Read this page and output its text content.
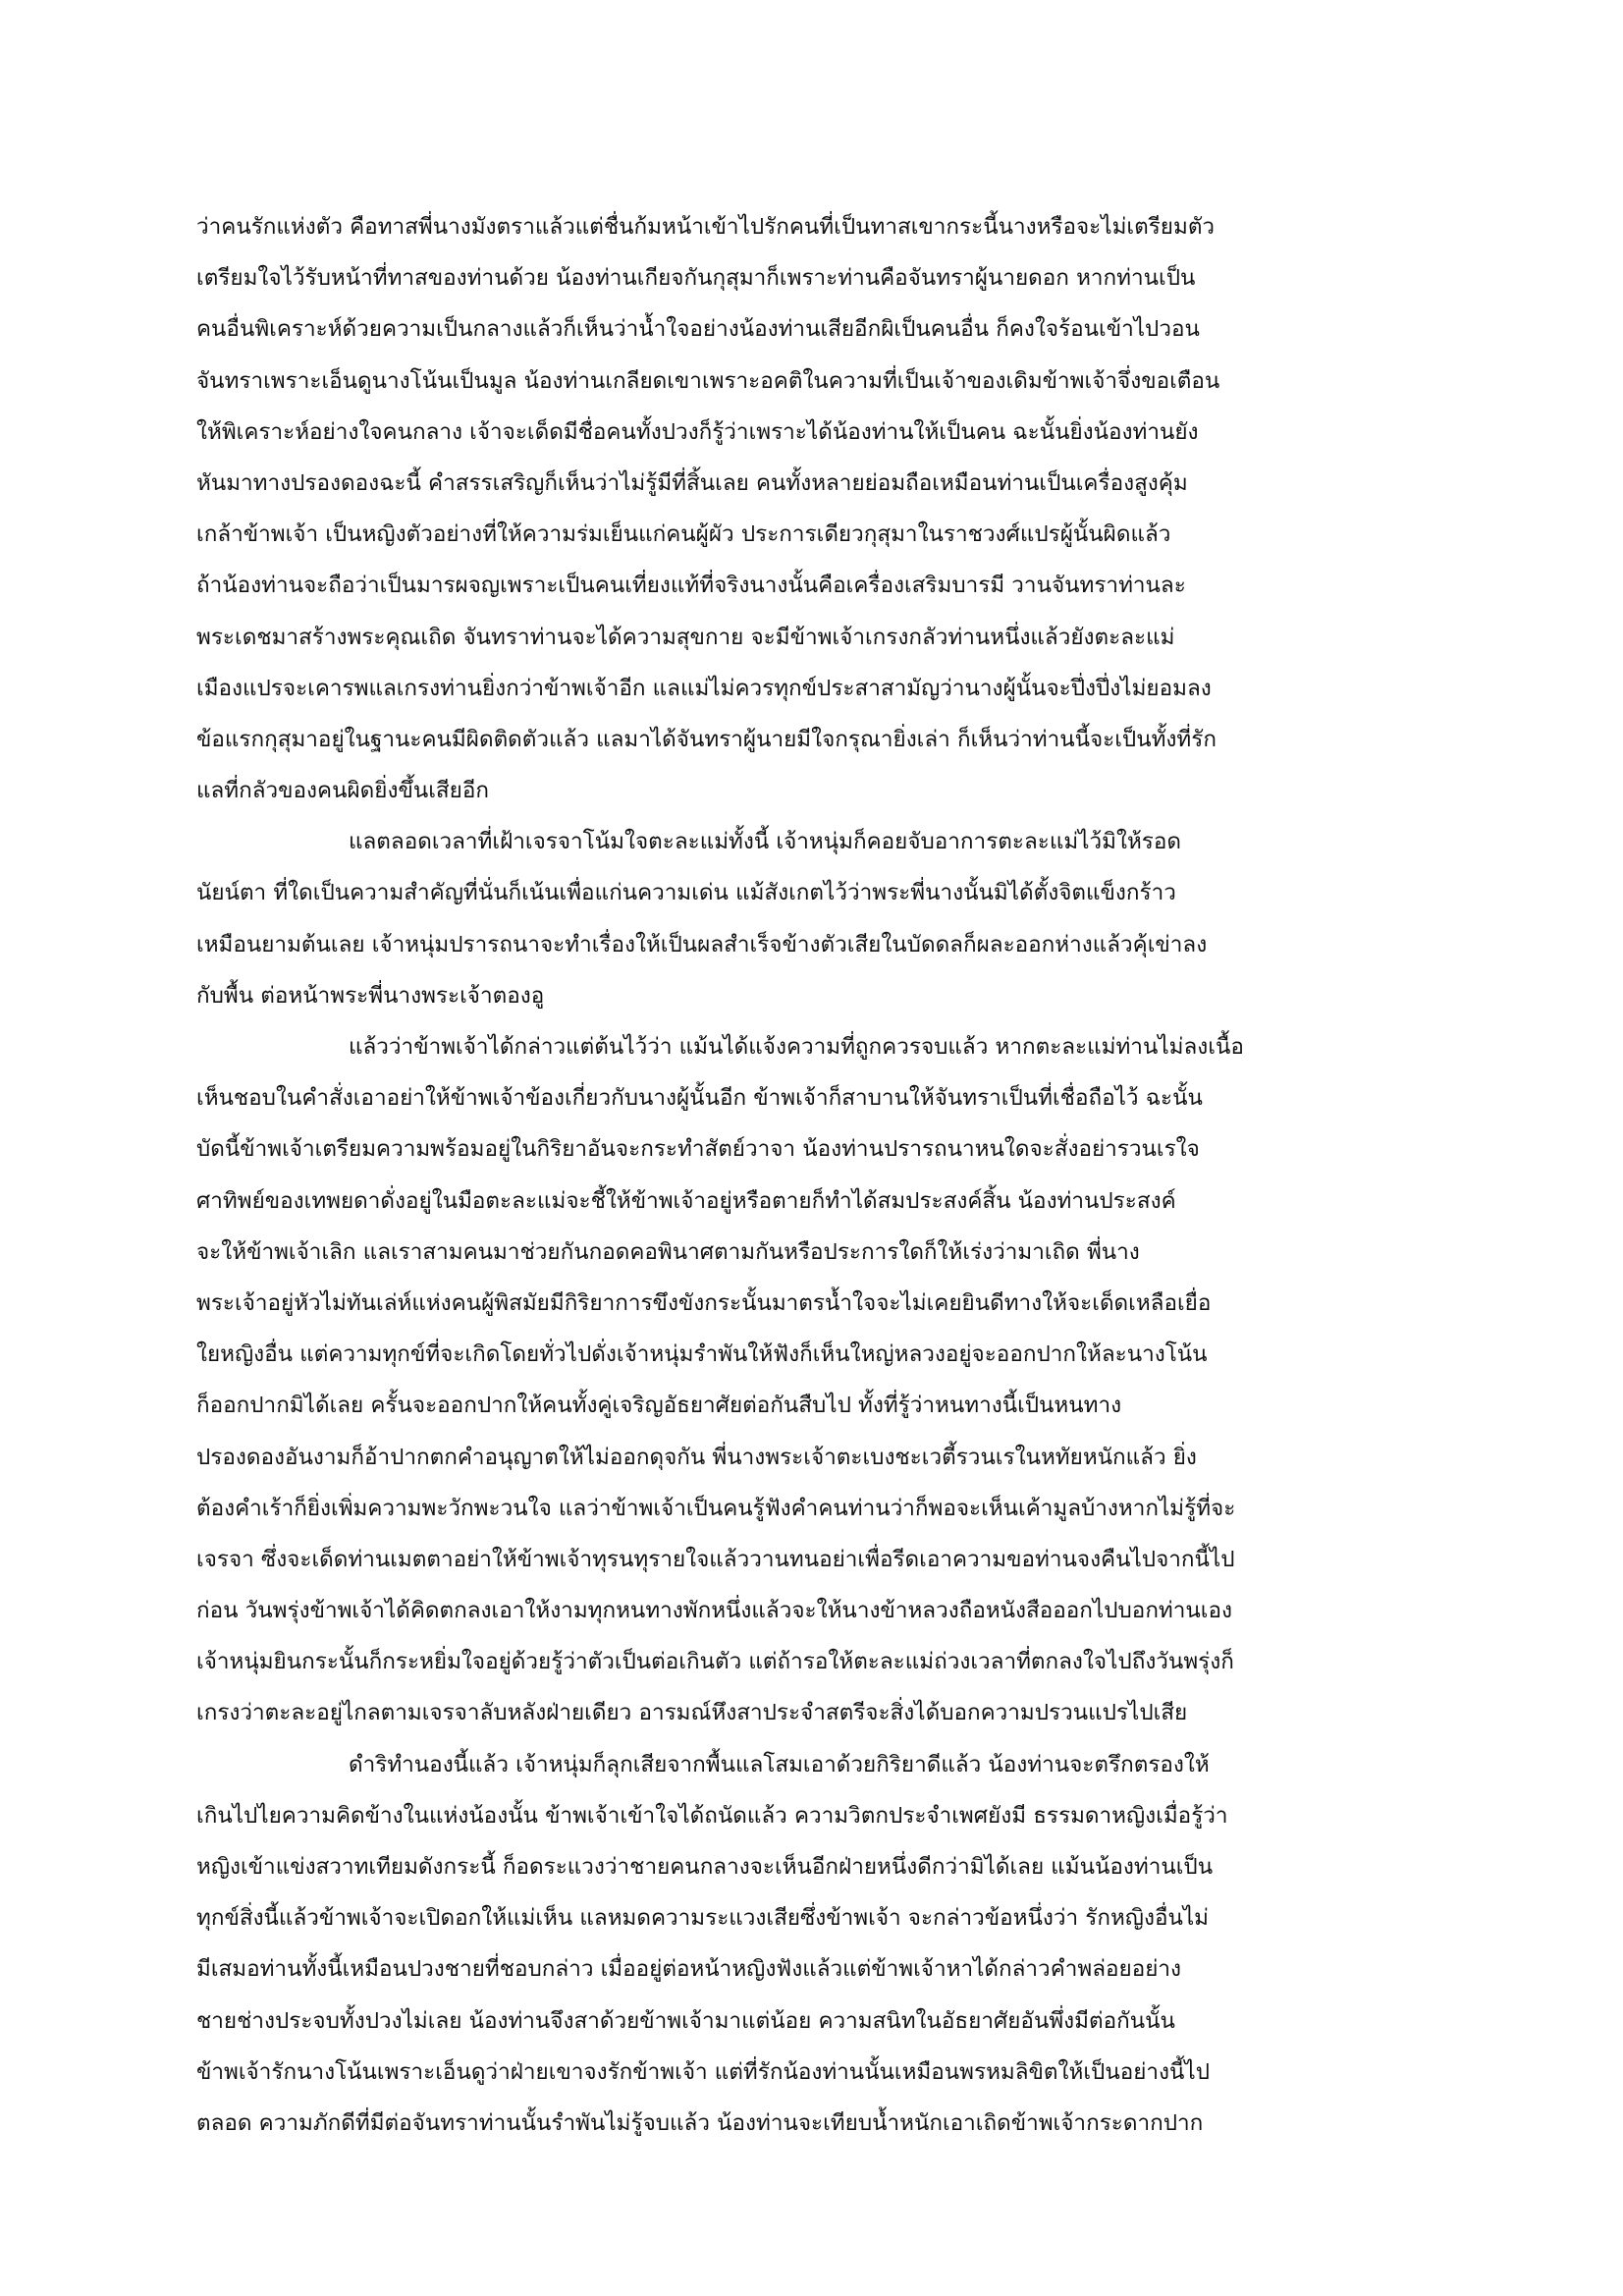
ว่าคนรักแห่งตัว คือทาสพี่นางมังตราแล้วแต่ชื่นก้มหน้าเข้าไปรักคนที่เป็นทาสเขากระนี้นางหรือจะไม่เตรียมตัว
เตรียมใจไว้รับหน้าที่ทาสของท่านด้วย น้องท่านเกียจกันกุสุมาก็เพราะท่านคือจันทราผู้นายดอก หากท่านเป็น
คนอื่นพิเคราะห์ด้วยความเป็นกลางแล้วก็เห็นว่าน้ำใจอย่างน้องท่านเสียอีกผิเป็นคนอื่น ก็คงใจร้อนเข้าไปวอน
จันทราเพราะเอ็นดูนางโน้นเป็นมูล น้องท่านเกลียดเขาเพราะอคติในความที่เป็นเจ้าของเดิมข้าพเจ้าจึ่งขอเตือน
ให้พิเคราะห์อย่างใจคนกลาง เจ้าจะเด็ดมีชื่อคนทั้งปวงก็รู้ว่าเพราะได้น้องท่านให้เป็นคน ฉะนั้นยิ่งน้องท่านยัง
หันมาทางปรองดองฉะนี้ คำสรรเสริญก็เห็นว่าไม่รู้มีที่สิ้นเลย คนทั้งหลายย่อมถือเหมือนท่านเป็นเครื่องสูงคุ้ม
เกล้าข้าพเจ้า เป็นหญิงตัวอย่างที่ให้ความร่มเย็นแก่คนผู้ผัว ประการเดียวกุสุมาในราชวงศ์แปรผู้นั้นผิดแล้ว
ถ้าน้องท่านจะถือว่าเป็นมารผจญเพราะเป็นคนเที่ยงแท้ที่จริงนางนั้นคือเครื่องเสริมบารมี วานจันทราท่านละ
พระเดชมาสร้างพระคุณเถิด จันทราท่านจะได้ความสุขกาย จะมีข้าพเจ้าเกรงกลัวท่านหนึ่งแล้วยังตะละแม่
เมืองแปรจะเคารพแลเกรงท่านยิ่งกว่าข้าพเจ้าอีก แลแม่ไม่ควรทุกข์ประสาสามัญว่านางผู้นั้นจะปึ่งปึ่งไม่ยอมลง
ข้อแรกกุสุมาอยู่ในฐานะคนมีผิดติดตัวแล้ว แลมาได้จันทราผู้นายมีใจกรุณายิ่งเล่า ก็เห็นว่าท่านนี้จะเป็นทั้งที่รัก
แลที่กลัวของคนผิดยิ่งขึ้นเสียอีก
แลตลอดเวลาที่เฝ้าเจรจาโน้มใจตะละแม่ทั้งนี้ เจ้าหนุ่มก็คอยจับอาการตะละแม่ไว้มิให้รอด
นัยน์ตา ที่ใดเป็นความสำคัญที่นั่นก็เน้นเพื่อแก่นความเด่น แม้สังเกตไว้ว่าพระพี่นางนั้นมิได้ตั้งจิตแข็งกร้าว
เหมือนยามต้นเลย เจ้าหนุ่มปรารถนาจะทำเรื่องให้เป็นผลสำเร็จข้างตัวเสียในบัดดลก็ผละออกห่างแล้วคุ้เข่าลง
กับพื้น ต่อหน้าพระพี่นางพระเจ้าตองอู
แล้วว่าข้าพเจ้าได้กล่าวแต่ต้นไว้ว่า แม้นได้แจ้งความที่ถูกควรจบแล้ว หากตะละแม่ท่านไม่ลงเนื้อ
เห็นชอบในคำสั่งเอาอย่าให้ข้าพเจ้าข้องเกี่ยวกับนางผู้นั้นอีก ข้าพเจ้าก็สาบานให้จันทราเป็นที่เชื่อถือไว้ ฉะนั้น
บัดนี้ข้าพเจ้าเตรียมความพร้อมอยู่ในกิริยาอันจะกระทำสัตย์วาจา น้องท่านปรารถนาหนใดจะสั่งอย่ารวนเรใจ
ศาทิพย์ของเทพยดาดั่งอยู่ในมือตะละแม่จะชี้ให้ข้าพเจ้าอยู่หรือตายก็ทำได้สมประสงค์สิ้น น้องท่านประสงค์
จะให้ข้าพเจ้าเลิก แลเราสามคนมาช่วยกันกอดคอพินาศตามกันหรือประการใดก็ให้เร่งว่ามาเถิด พี่นาง
พระเจ้าอยู่หัวไม่ทันเล่ห์แห่งคนผู้พิสมัยมีกิริยาการขึงขังกระนั้นมาตรน้ำใจจะไม่เคยยินดีทางให้จะเด็ดเหลือเยื่อ
ใยหญิงอื่น แต่ความทุกข์ที่จะเกิดโดยทั่วไปดั่งเจ้าหนุ่มรำพันให้ฟังก็เห็นใหญ่หลวงอยู่จะออกปากให้ละนางโน้น
ก็ออกปากมิได้เลย ครั้นจะออกปากให้คนทั้งคู่เจริญอัธยาศัยต่อกันสืบไป ทั้งที่รู้ว่าหนทางนี้เป็นหนทาง
ปรองดองอันงามก็อ้าปากตกคำอนุญาตให้ไม่ออกดุจกัน พี่นางพระเจ้าตะเบงชะเวตี้รวนเรในหทัยหนักแล้ว ยิ่ง
ต้องคำเร้าก็ยิ่งเพิ่มความพะวักพะวนใจ แลว่าข้าพเจ้าเป็นคนรู้ฟังคำคนท่านว่าก็พอจะเห็นเค้ามูลบ้างหากไม่รู้ที่จะ
เจรจา ซึ่งจะเด็ดท่านเมตตาอย่าให้ข้าพเจ้าทุรนทุรายใจแล้ววานทนอย่าเพื่อรีดเอาความขอท่านจงคืนไปจากนี้ไป
ก่อน วันพรุ่งข้าพเจ้าได้คิดตกลงเอาให้งามทุกหนทางพักหนึ่งแล้วจะให้นางข้าหลวงถือหนังสือออกไปบอกท่านเอง
เจ้าหนุ่มยินกระนั้นก็กระหยิ่มใจอยู่ด้วยรู้ว่าตัวเป็นต่อเกินตัว แต่ถ้ารอให้ตะละแม่ถ่วงเวลาที่ตกลงใจไปถึงวันพรุ่งก็
เกรงว่าตะละอยู่ไกลตามเจรจาลับหลังฝ่ายเดียว อารมณ์หึงสาประจำสตรีจะสิ่งได้บอกความปรวนแปรไปเสีย
ดำริทำนองนี้แล้ว เจ้าหนุ่มก็ลุกเสียจากพื้นแลโสมเอาด้วยกิริยาดีแล้ว น้องท่านจะตรึกตรองให้
เกินไปไยความคิดข้างในแห่งน้องนั้น ข้าพเจ้าเข้าใจได้ถนัดแล้ว ความวิตกประจำเพศยังมี ธรรมดาหญิงเมื่อรู้ว่า
หญิงเข้าแข่งสวาทเทียมดังกระนี้ ก็อดระแวงว่าชายคนกลางจะเห็นอีกฝ่ายหนึ่งดีกว่ามิได้เลย แม้นน้องท่านเป็น
ทุกข์สิ่งนี้แล้วข้าพเจ้าจะเปิดอกให้แม่เห็น แลหมดความระแวงเสียซึ่งข้าพเจ้า จะกล่าวข้อหนึ่งว่า รักหญิงอื่นไม่
มีเสมอท่านทั้งนี้เหมือนปวงชายที่ชอบกล่าว เมื่ออยู่ต่อหน้าหญิงฟังแล้วแต่ข้าพเจ้าหาได้กล่าวคำพล่อยอย่าง
ชายช่างประจบทั้งปวงไม่เลย น้องท่านจึงสาด้วยข้าพเจ้ามาแต่น้อย ความสนิทในอัธยาศัยอันพึ่งมีต่อกันนั้น
ข้าพเจ้ารักนางโน้นเพราะเอ็นดูว่าฝ่ายเขาจงรักข้าพเจ้า แต่ที่รักน้องท่านนั้นเหมือนพรหมลิขิตให้เป็นอย่างนี้ไป
ตลอด ความภักดีที่มีต่อจันทราท่านนั้นรำพันไม่รู้จบแล้ว น้องท่านจะเทียบน้ำหนักเอาเถิดข้าพเจ้ากระดากปาก
